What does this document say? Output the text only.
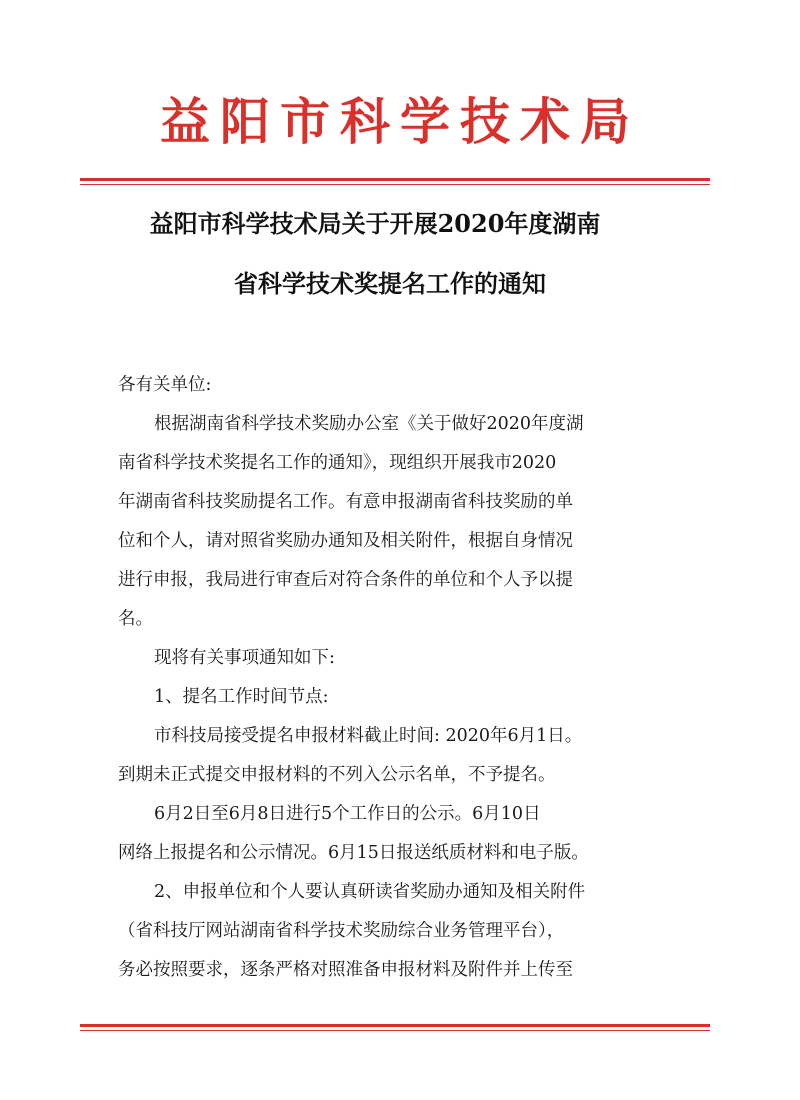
益阳市科学技术局
益阳市科学技术局关于开展2020年度湖南
省科学技术奖提名工作的通知

各有关单位:

根据湖南省科学技术奖励办公室《关于做好2020年度湖
南省科学技术奖提名工作的通知》，现组织开展我市2020
年湖南省科技奖励提名工作。有意申报湖南省科技奖励的单
位和个人，请对照省奖励办通知及相关附件，根据自身情况
进行申报，我局进行审查后对符合条件的单位和个人予以提
名。

现将有关事项通知如下:

1、提名工作时间节点:

市科技局接受提名申报材料截止时间: 2020年6月1日。
到期未正式提交申报材料的不列入公示名单，不予提名。

6月2日至6月8日进行5个工作日的公示。6月10日
网络上报提名和公示情况。6月15日报送纸质材料和电子版。

2、申报单位和个人要认真研读省奖励办通知及相关附件
（省科技厅网站湖南省科学技术奖励综合业务管理平台），
务必按照要求，逐条严格对照准备申报材料及附件并上传至
